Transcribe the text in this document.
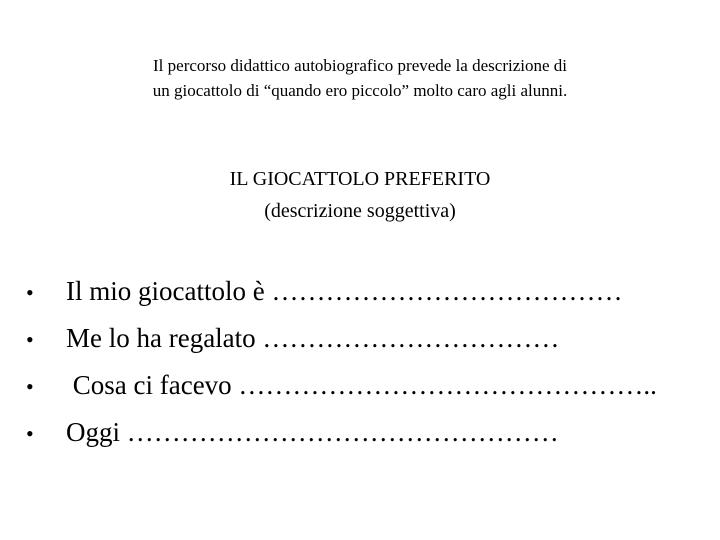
Il percorso didattico autobiografico prevede la descrizione di
un giocattolo di “quando ero piccolo” molto caro agli alunni.
IL GIOCATTOLO PREFERITO
(descrizione soggettiva)
•	Il mio giocattolo è …………………………………
•	Me lo ha regalato ……………………………
•	Cosa ci facevo ………………………………………..
•	Oggi …………………………………………
